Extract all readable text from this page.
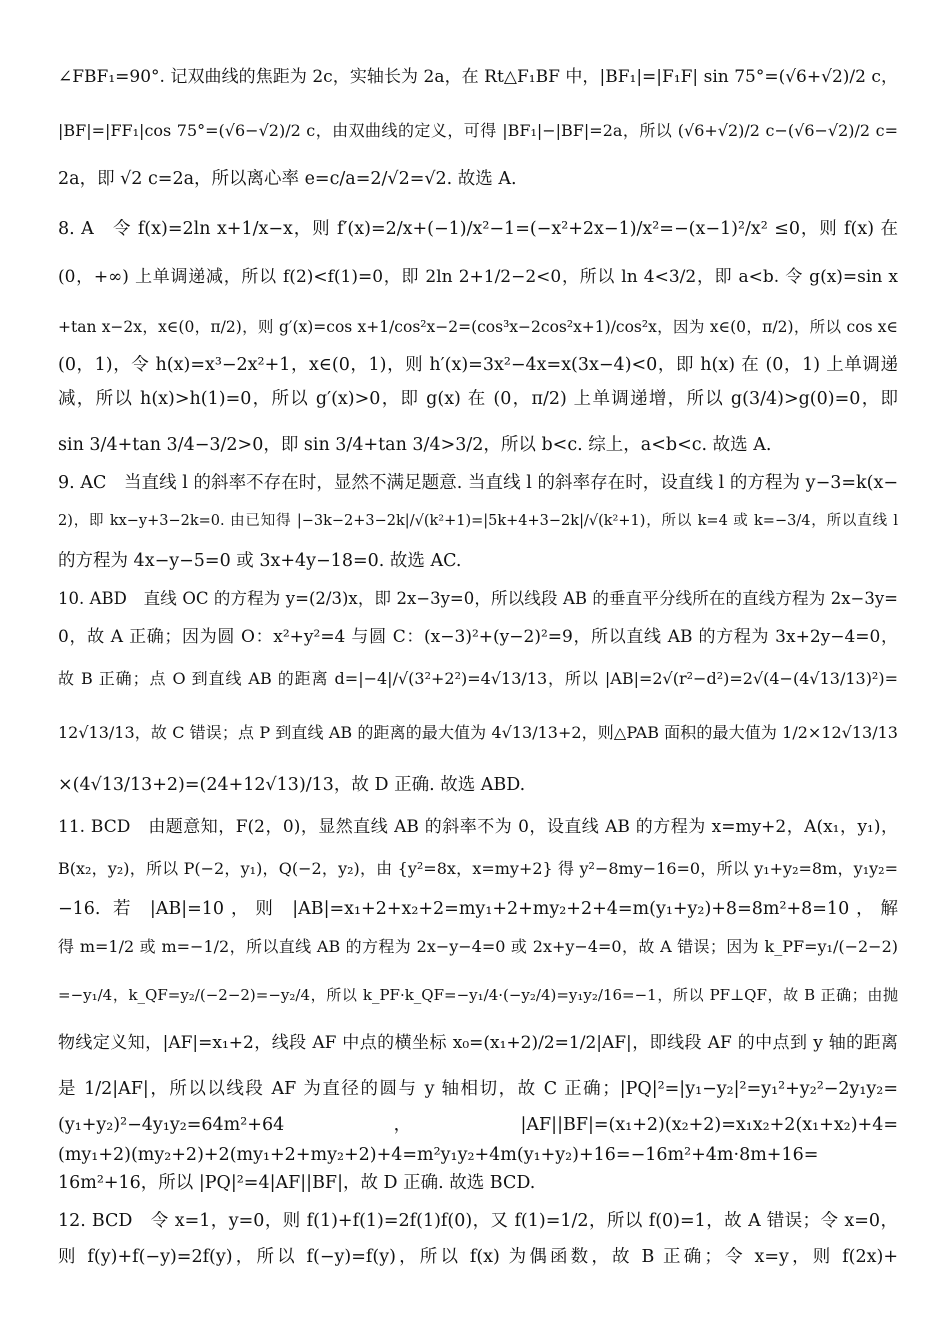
∠FBF₁=90°. 记双曲线的焦距为 2c，实轴长为 2a，在 Rt△F₁BF 中，|BF₁|=|F₁F| sin 75°=(√6+√2)/2 c，
|BF|=|FF₁|cos 75°=(√6−√2)/2 c，由双曲线的定义，可得 |BF₁|−|BF|=2a，所以 (√6+√2)/2 c−(√6−√2)/2 c=
2a，即 √2 c=2a，所以离心率 e=c/a=2/√2=√2. 故选 A.
8. A　令 f(x)=2ln x+1/x−x，则 f′(x)=2/x+(−1)/x²−1=(−x²+2x−1)/x²=−(x−1)²/x² ≤0，则 f(x) 在
(0，+∞) 上单调递减，所以 f(2)<f(1)=0，即 2ln 2+1/2−2<0，所以 ln 4<3/2，即 a<b. 令 g(x)=sin x
+tan x−2x，x∈(0，π/2)，则 g′(x)=cos x+1/cos²x−2=(cos³x−2cos²x+1)/cos²x，因为 x∈(0，π/2)，所以 cos x∈
(0，1)，令 h(x)=x³−2x²+1，x∈(0，1)，则 h′(x)=3x²−4x=x(3x−4)<0，即 h(x) 在 (0，1) 上单调递
减，所以 h(x)>h(1)=0，所以 g′(x)>0，即 g(x) 在 (0，π/2) 上单调递增，所以 g(3/4)>g(0)=0，即
sin 3/4+tan 3/4−3/2>0，即 sin 3/4+tan 3/4>3/2，所以 b<c. 综上，a<b<c. 故选 A.
9. AC　当直线 l 的斜率不存在时，显然不满足题意. 当直线 l 的斜率存在时，设直线 l 的方程为 y−3=k(x−
2)，即 kx−y+3−2k=0. 由已知得 |−3k−2+3−2k|/√(k²+1)=|5k+4+3−2k|/√(k²+1)，所以 k=4 或 k=−3/4，所以直线 l
的方程为 4x−y−5=0 或 3x+4y−18=0. 故选 AC.
10. ABD　直线 OC 的方程为 y=(2/3)x，即 2x−3y=0，所以线段 AB 的垂直平分线所在的直线方程为 2x−3y=
0，故 A 正确；因为圆 O：x²+y²=4 与圆 C：(x−3)²+(y−2)²=9，所以直线 AB 的方程为 3x+2y−4=0，
故 B 正确；点 O 到直线 AB 的距离 d=|−4|/√(3²+2²)=4√13/13，所以 |AB|=2√(r²−d²)=2√(4−(4√13/13)²)=
12√13/13，故 C 错误；点 P 到直线 AB 的距离的最大值为 4√13/13+2，则△PAB 面积的最大值为 1/2×12√13/13
×(4√13/13+2)=(24+12√13)/13，故 D 正确. 故选 ABD.
11. BCD　由题意知，F(2，0)，显然直线 AB 的斜率不为 0，设直线 AB 的方程为 x=my+2，A(x₁，y₁)，
B(x₂，y₂)，所以 P(−2，y₁)，Q(−2，y₂)，由 {y²=8x，x=my+2} 得 y²−8my−16=0，所以 y₁+y₂=8m，y₁y₂=
−16. 若 |AB|=10，则 |AB|=x₁+2+x₂+2=my₁+2+my₂+2+4=m(y₁+y₂)+8=8m²+8=10，解
得 m=1/2 或 m=−1/2，所以直线 AB 的方程为 2x−y−4=0 或 2x+y−4=0，故 A 错误；因为 k_PF=y₁/(−2−2)
=−y₁/4，k_QF=y₂/(−2−2)=−y₂/4，所以 k_PF·k_QF=−y₁/4·(−y₂/4)=y₁y₂/16=−1，所以 PF⊥QF，故 B 正确；由抛
物线定义知，|AF|=x₁+2，线段 AF 中点的横坐标 x₀=(x₁+2)/2=1/2|AF|，即线段 AF 的中点到 y 轴的距离
是 1/2|AF|，所以以线段 AF 为直径的圆与 y 轴相切，故 C 正确；|PQ|²=|y₁−y₂|²=y₁²+y₂²−2y₁y₂=
(y₁+y₂)²−4y₁y₂=64m²+64，|AF||BF|=(x₁+2)(x₂+2)=x₁x₂+2(x₁+x₂)+4=
(my₁+2)(my₂+2)+2(my₁+2+my₂+2)+4=m²y₁y₂+4m(y₁+y₂)+16=−16m²+4m·8m+16=
16m²+16，所以 |PQ|²=4|AF||BF|，故 D 正确. 故选 BCD.
12. BCD　令 x=1，y=0，则 f(1)+f(1)=2f(1)f(0)，又 f(1)=1/2，所以 f(0)=1，故 A 错误；令 x=0，
则 f(y)+f(−y)=2f(y)，所以 f(−y)=f(y)，所以 f(x) 为偶函数，故 B 正确；令 x=y，则 f(2x)+
